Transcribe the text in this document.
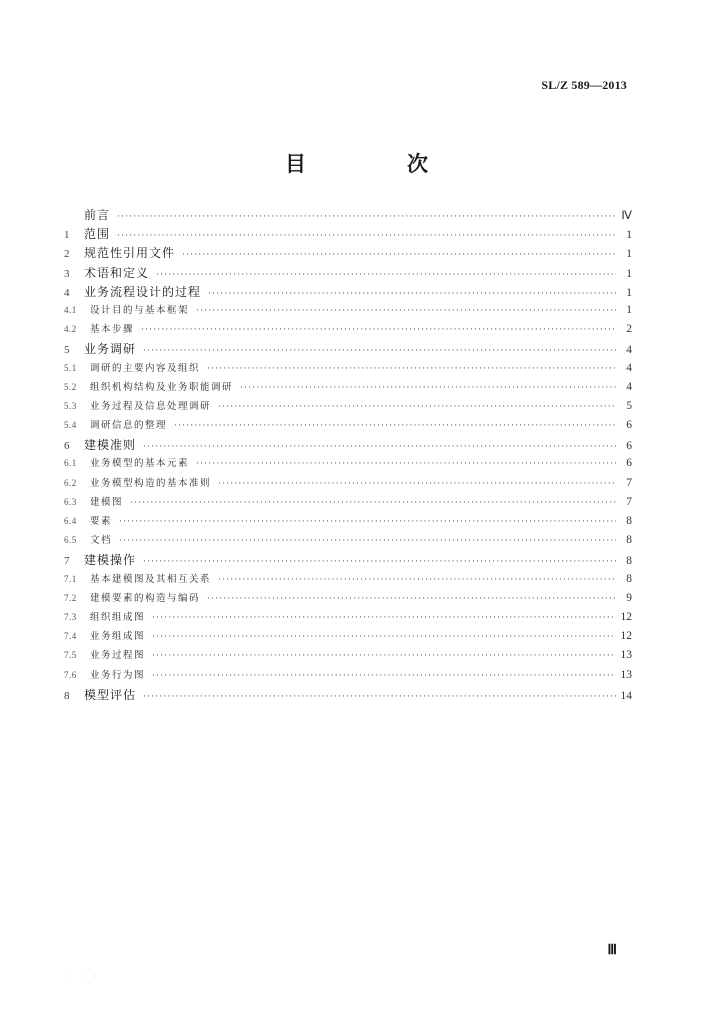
SL/Z 589—2013
目　次
前言 ·····	Ⅳ
1	范围 ·····	1
2	规范性引用文件 ·····	1
3	术语和定义 ·····	1
4	业务流程设计的过程 ·····	1
4.1	设计目的与基本框架 ·····	1
4.2	基本步骤 ·····	2
5	业务调研 ·····	4
5.1	调研的主要内容及组织 ·····	4
5.2	组织机构结构及业务职能调研 ·····	4
5.3	业务过程及信息处理调研 ·····	5
5.4	调研信息的整理 ·····	6
6	建模准则 ·····	6
6.1	业务模型的基本元素 ·····	6
6.2	业务模型构造的基本准则 ·····	7
6.3	建模图 ·····	7
6.4	要素 ·····	8
6.5	文档 ·····	8
7	建模操作 ·····	8
7.1	基本建模图及其相互关系 ·····	8
7.2	建模要素的构造与编码 ·····	9
7.3	组织组成图 ·····	12
7.4	业务组成图 ·····	12
7.5	业务过程图 ·····	13
7.6	业务行为图 ·····	13
8	模型评估 ·····	14
Ⅲ
· · ·
